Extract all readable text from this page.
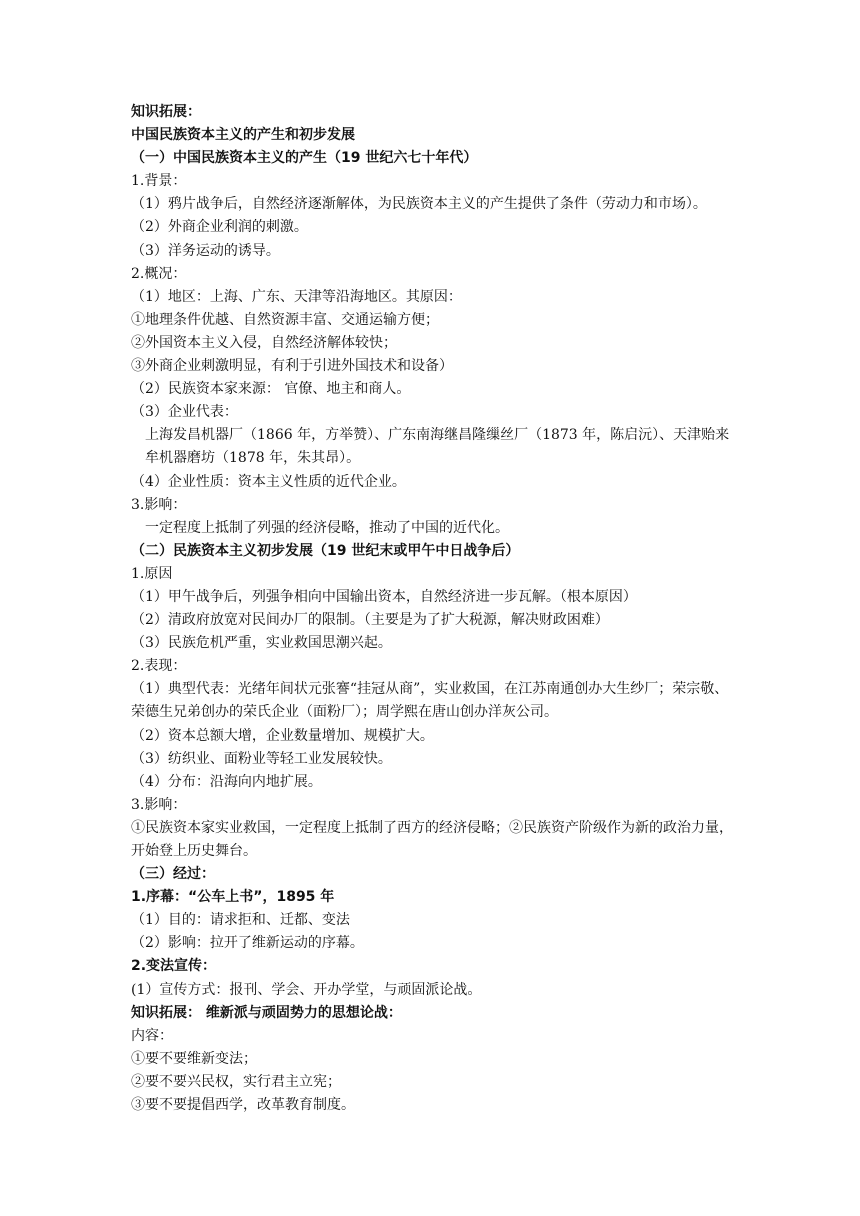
知识拓展：

中国民族资本主义的产生和初步发展

（一）中国民族资本主义的产生（19 世纪六七十年代）

1.背景：

（1）鸦片战争后，自然经济逐渐解体，为民族资本主义的产生提供了条件（劳动力和市场）。

（2）外商企业利润的刺激。

（3）洋务运动的诱导。

2.概况：

（1）地区：上海、广东、天津等沿海地区。其原因：

①地理条件优越、自然资源丰富、交通运输方便；

②外国资本主义入侵，自然经济解体较快；

③外商企业刺激明显，有利于引进外国技术和设备）

（2）民族资本家来源： 官僚、地主和商人。

（3）企业代表：

上海发昌机器厂（1866 年，方举赞）、广东南海继昌隆缫丝厂（1873 年，陈启沅）、天津贻来牟机器磨坊（1878 年，朱其昂）。

（4）企业性质：资本主义性质的近代企业。

3.影响：

一定程度上抵制了列强的经济侵略，推动了中国的近代化。

（二）民族资本主义初步发展（19 世纪末或甲午中日战争后）

1.原因

（1）甲午战争后，列强争相向中国输出资本，自然经济进一步瓦解。（根本原因）

（2）清政府放宽对民间办厂的限制。（主要是为了扩大税源，解决财政困难）

（3）民族危机严重，实业救国思潮兴起。

2.表现：

（1）典型代表：光绪年间状元张謇“挂冠从商”，实业救国，在江苏南通创办大生纱厂；荣宗敬、荣德生兄弟创办的荣氏企业（面粉厂）；周学熙在唐山创办洋灰公司。

（2）资本总额大增，企业数量增加、规模扩大。

（3）纺织业、面粉业等轻工业发展较快。

（4）分布：沿海向内地扩展。

3.影响：

①民族资本家实业救国，一定程度上抵制了西方的经济侵略；②民族资产阶级作为新的政治力量，开始登上历史舞台。

（三）经过：

1.序幕：“公车上书”，1895 年

（1）目的：请求拒和、迁都、变法

（2）影响：拉开了维新运动的序幕。

2.变法宣传：

(1）宣传方式：报刊、学会、开办学堂，与顽固派论战。

知识拓展： 维新派与顽固势力的思想论战：

内容：

①要不要维新变法；

②要不要兴民权，实行君主立宪；

③要不要提倡西学，改革教育制度。
